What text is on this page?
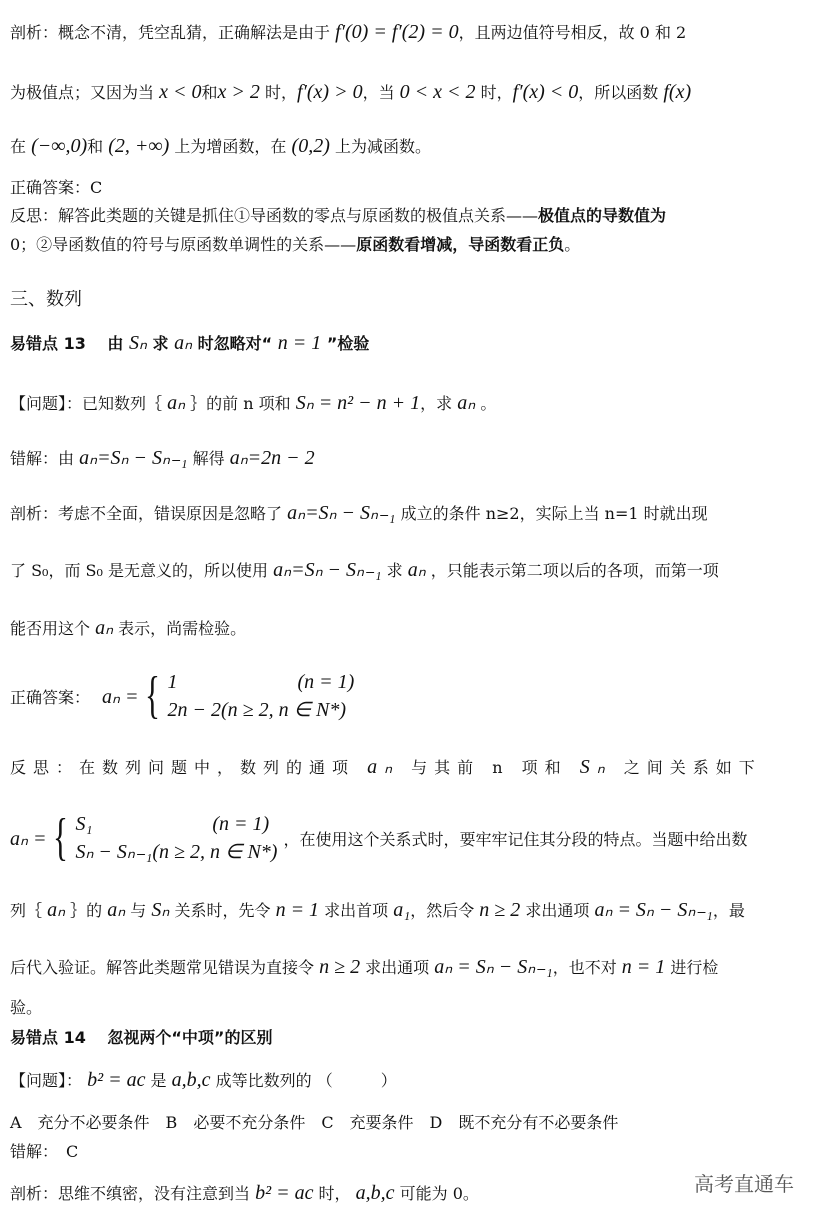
剖析：概念不清，凭空乱猜，正确解法是由于 f′(0) = f′(2) = 0，且两边值符号相反，故 0 和 2
为极值点；又因为当 x < 0和x > 2 时，f′(x) > 0，当 0 < x < 2 时，f′(x) < 0，所以函数 f(x)
在 (−∞,0)和 (2, +∞) 上为增函数，在 (0,2) 上为减函数。
正确答案：C
反思：解答此类题的关键是抓住①导函数的零点与原函数的极值点关系——极值点的导数值为
0；②导函数值的符号与原函数单调性的关系——原函数看增减，导函数看正负。
三、数列
易错点 13　 由 Sₙ 求 aₙ 时忽略对“ n = 1 ”检验
【问题】：已知数列｛ aₙ ｝的前 n 项和 Sₙ = n² − n + 1，求 aₙ 。
错解：由 aₙ=Sₙ − Sₙ₋₁ 解得 aₙ=2n − 2
剖析：考虑不全面，错误原因是忽略了 aₙ=Sₙ − Sₙ₋₁ 成立的条件 n≥2，实际上当 n=1 时就出现
了 S₀，而 S₀ 是无意义的，所以使用 aₙ=Sₙ − Sₙ₋₁ 求 aₙ ，只能表示第二项以后的各项，而第一项
能否用这个 aₙ 表示，尚需检验。
反思：在数列问题中，数列的通项 aₙ 与其前 n 项和 Sₙ 之间关系如下
列｛ aₙ ｝的 aₙ 与 Sₙ 关系时，先令 n = 1 求出首项 a₁，然后令 n ≥ 2 求出通项 aₙ = Sₙ − Sₙ₋₁，最
后代入验证。解答此类题常见错误为直接令 n ≥ 2 求出通项 aₙ = Sₙ − Sₙ₋₁，也不对 n = 1 进行检
验。
易错点 14　 忽视两个“中项”的区别
【问题】： b² = ac 是 a,b,c 成等比数列的 （　　　）
A　充分不必要条件　B　必要不充分条件　C　充要条件　D　既不充分有不必要条件
错解：　C
剖析：思维不缜密，没有注意到当 b² = ac 时， a,b,c 可能为 0。
正确答案： aₙ = { 1　　　　　　(n = 1)
2n − 2(n ≥ 2, n ∈ N*)
aₙ = { S₁　　　　　　(n = 1)
Sₙ − Sₙ₋₁(n ≥ 2, n ∈ N*)
，在使用这个关系式时，要牢牢记住其分段的特点。当题中给出数
高考直通车
